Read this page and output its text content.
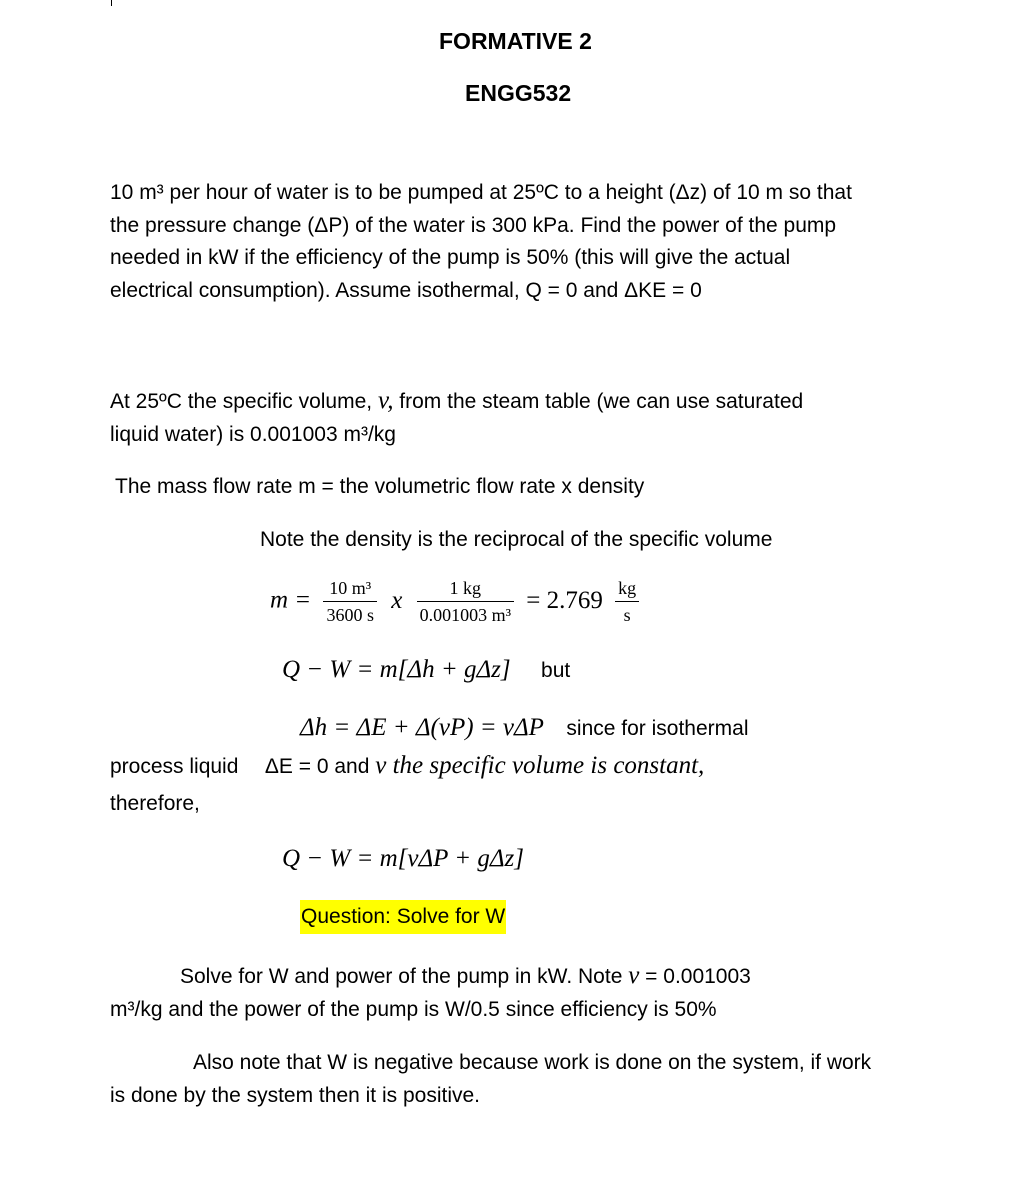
FORMATIVE 2
ENGG532
10 m³ per hour of water is to be pumped at 25ºC to a height (Δz) of 10 m so that
the pressure change (ΔP) of the water is 300 kPa. Find the power of the pump
needed in kW if the efficiency of the pump is 50% (this will give the actual
electrical consumption). Assume isothermal, Q = 0 and ΔKE = 0
At 25ºC the specific volume, v, from the steam table (we can use saturated
liquid water) is 0.001003 m³/kg
The mass flow rate m = the volumetric flow rate x density
Note the density is the reciprocal of the specific volume
$m = \frac{\text{10 m³}}{3600 s}$ x $\frac{1 kg}{\text{0.001003 m³}} = 2.769 \frac{kg}{s}$
Q − W = m[Δh + gΔz] but
Δh = ΔE + Δ(vP) = vΔP since for isothermal
process liquid ΔE = 0 and v the specific volume is constant,
therefore,
Q − W = m[vΔP + gΔz]
Question: Solve for W
Solve for W and power of the pump in kW. Note v = 0.001003
m³/kg and the power of the pump is W/0.5 since efficiency is 50%
Also note that W is negative because work is done on the system, if work
is done by the system then it is positive.
